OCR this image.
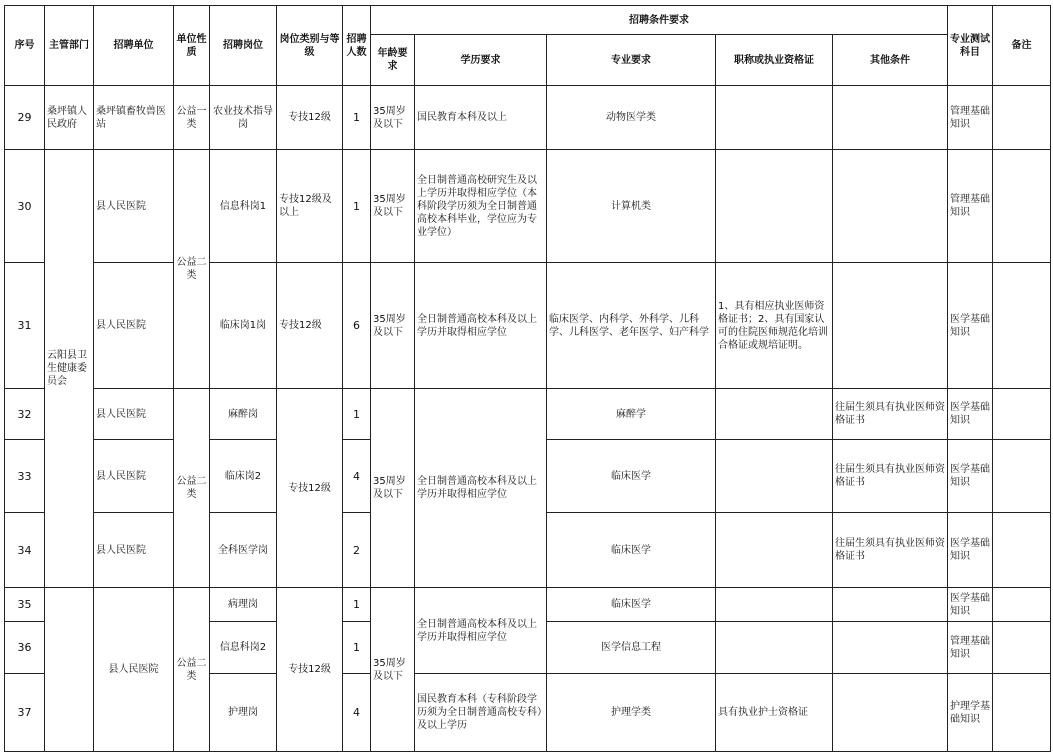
序号	主管部门	招聘单位	单位性质	招聘岗位	岗位类别与等级	招聘人数	招聘条件要求					专业测试科目	备注
							年龄要求	学历要求	专业要求	职称或执业资格证	其他条件		
29	桑坪镇人民政府	桑坪镇畜牧兽医站	公益一类	农业技术指导岗	专技12级	1	35周岁及以下	国民教育本科及以上	动物医学类			管理基础知识	
30	云阳县卫生健康委员会	县人民医院	公益二类	信息科岗1	专技12级及以上	1	35周岁及以下	全日制普通高校研究生及以上学历并取得相应学位（本科阶段学历须为全日制普通高校本科毕业，学位应为专业学位）	计算机类			管理基础知识	
31		县人民医院		临床岗1岗	专技12级	6	35周岁及以下	全日制普通高校本科及以上学历并取得相应学位	临床医学、内科学、外科学、儿科学、儿科医学、老年医学、妇产科学	1、具有相应执业医师资格证书；2、具有国家认可的住院医师规范化培训合格证或规培证明。		医学基础知识	
32		县人民医院	公益二类	麻醉岗	专技12级	1	35周岁及以下	全日制普通高校本科及以上学历并取得相应学位	麻醉学		往届生须具有执业医师资格证书	医学基础知识	
33		县人民医院		临床岗2		4			临床医学		往届生须具有执业医师资格证书	医学基础知识	
34		县人民医院		全科医学岗		2			临床医学		往届生须具有执业医师资格证书	医学基础知识	
35		县人民医院	公益二类	病理岗	专技12级	1	35周岁及以下	全日制普通高校本科及以上学历并取得相应学位	临床医学			医学基础知识	
36				信息科岗2		1			医学信息工程			管理基础知识	
37				护理岗		4		国民教育本科（专科阶段学历须为全日制普通高校专科）及以上学历	护理学类	具有执业护士资格证		护理学基础知识	
